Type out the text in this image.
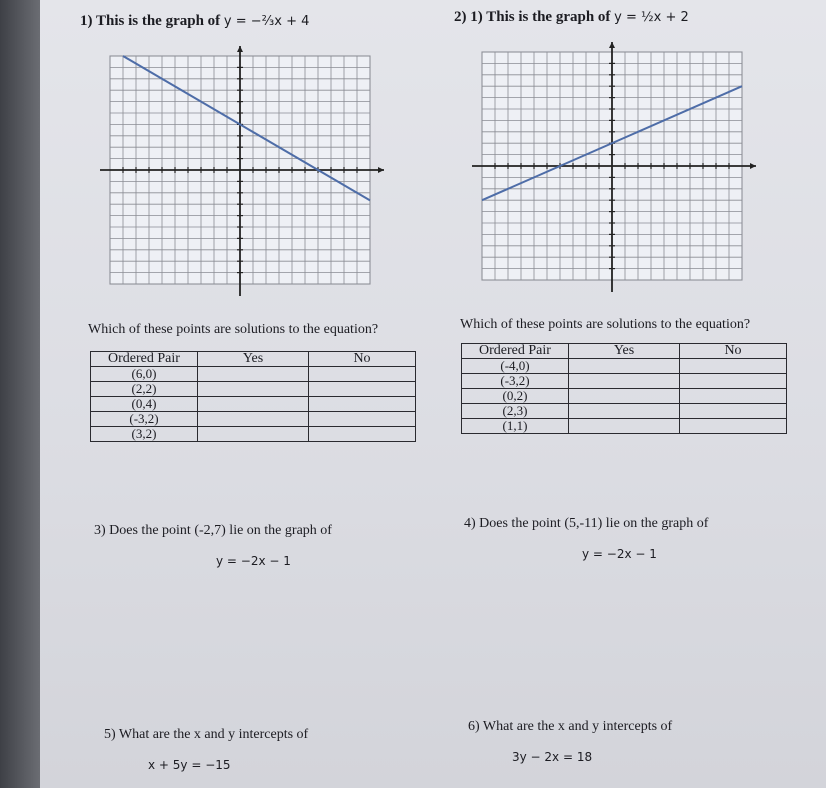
1) This is the graph of y = −⅔x + 4	2) 1) This is the graph of y = ½x + 2
Which of these points are solutions to the equation?
Ordered Pair	Yes	No
(6,0)		
(2,2)		
(0,4)		
(-3,2)		
(3,2)		
Which of these points are solutions to the equation?
Ordered Pair	Yes	No
(-4,0)		
(-3,2)		
(0,2)		
(2,3)		
(1,1)		
3) Does the point (-2,7) lie on the graph of
y = −2x − 1
4) Does the point (5,-11) lie on the graph of
y = −2x − 1
5) What are the x and y intercepts of
x + 5y = −15
6) What are the x and y intercepts of
3y − 2x = 18
